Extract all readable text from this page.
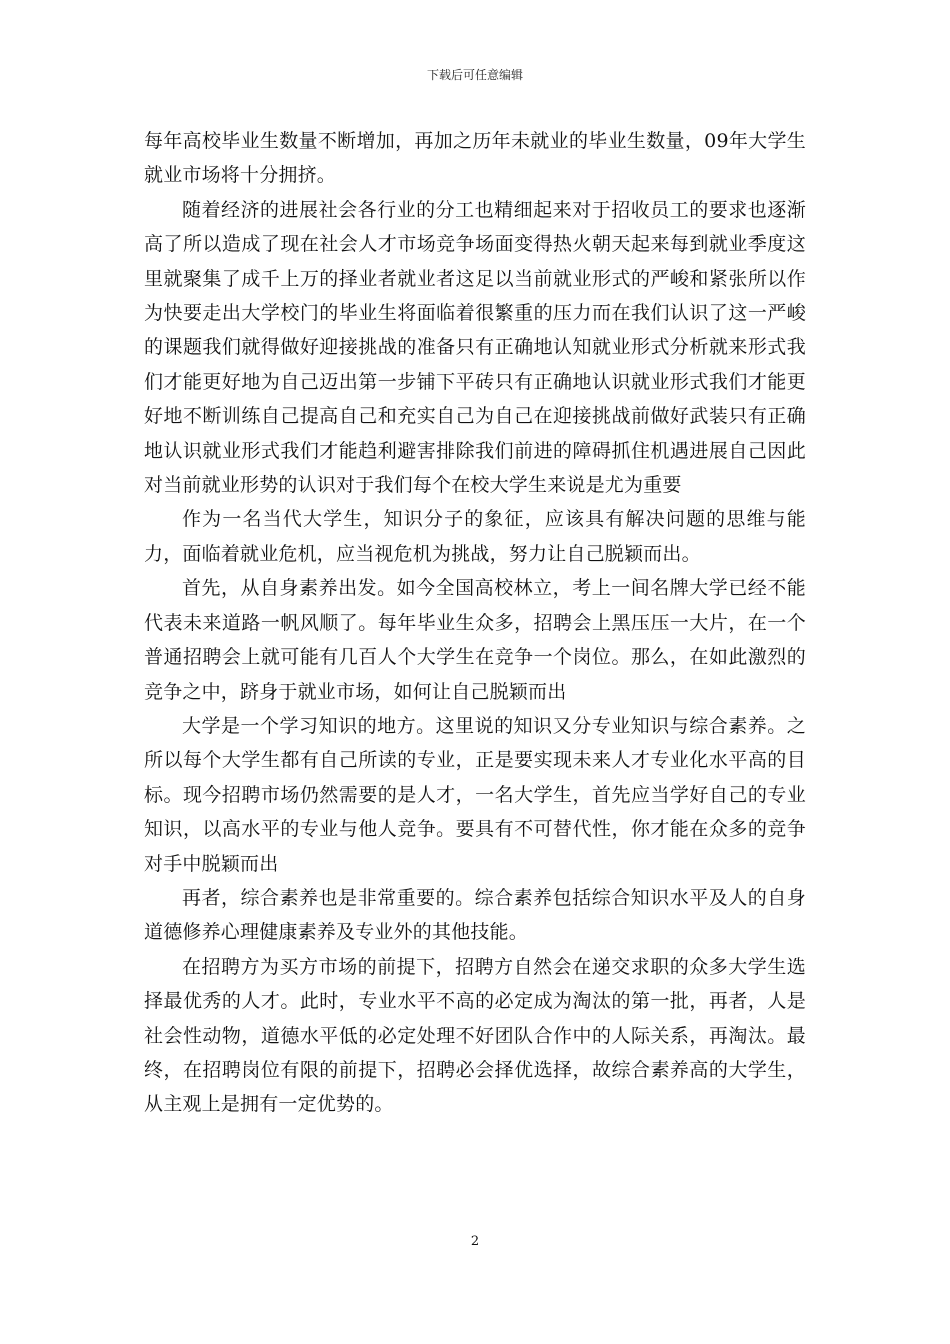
下载后可任意编辑

每年高校毕业生数量不断增加，再加之历年未就业的毕业生数量，09年大学生就业市场将十分拥挤。

随着经济的进展社会各行业的分工也精细起来对于招收员工的要求也逐渐高了所以造成了现在社会人才市场竞争场面变得热火朝天起来每到就业季度这里就聚集了成千上万的择业者就业者这足以当前就业形式的严峻和紧张所以作为快要走出大学校门的毕业生将面临着很繁重的压力而在我们认识了这一严峻的课题我们就得做好迎接挑战的准备只有正确地认知就业形式分析就来形式我们才能更好地为自己迈出第一步铺下平砖只有正确地认识就业形式我们才能更好地不断训练自己提高自己和充实自己为自己在迎接挑战前做好武装只有正确地认识就业形式我们才能趋利避害排除我们前进的障碍抓住机遇进展自己因此对当前就业形势的认识对于我们每个在校大学生来说是尤为重要

作为一名当代大学生，知识分子的象征，应该具有解决问题的思维与能力，面临着就业危机，应当视危机为挑战，努力让自己脱颖而出。

首先，从自身素养出发。如今全国高校林立，考上一间名牌大学已经不能代表未来道路一帆风顺了。每年毕业生众多，招聘会上黑压压一大片，在一个普通招聘会上就可能有几百人个大学生在竞争一个岗位。那么，在如此激烈的竞争之中，跻身于就业市场，如何让自己脱颖而出

大学是一个学习知识的地方。这里说的知识又分专业知识与综合素养。之所以每个大学生都有自己所读的专业，正是要实现未来人才专业化水平高的目标。现今招聘市场仍然需要的是人才，一名大学生，首先应当学好自己的专业知识，以高水平的专业与他人竞争。要具有不可替代性，你才能在众多的竞争对手中脱颖而出

再者，综合素养也是非常重要的。综合素养包括综合知识水平及人的自身道德修养心理健康素养及专业外的其他技能。

在招聘方为买方市场的前提下，招聘方自然会在递交求职的众多大学生选择最优秀的人才。此时，专业水平不高的必定成为淘汰的第一批，再者，人是社会性动物，道德水平低的必定处理不好团队合作中的人际关系，再淘汰。最终，在招聘岗位有限的前提下，招聘必会择优选择，故综合素养高的大学生，从主观上是拥有一定优势的。

2
